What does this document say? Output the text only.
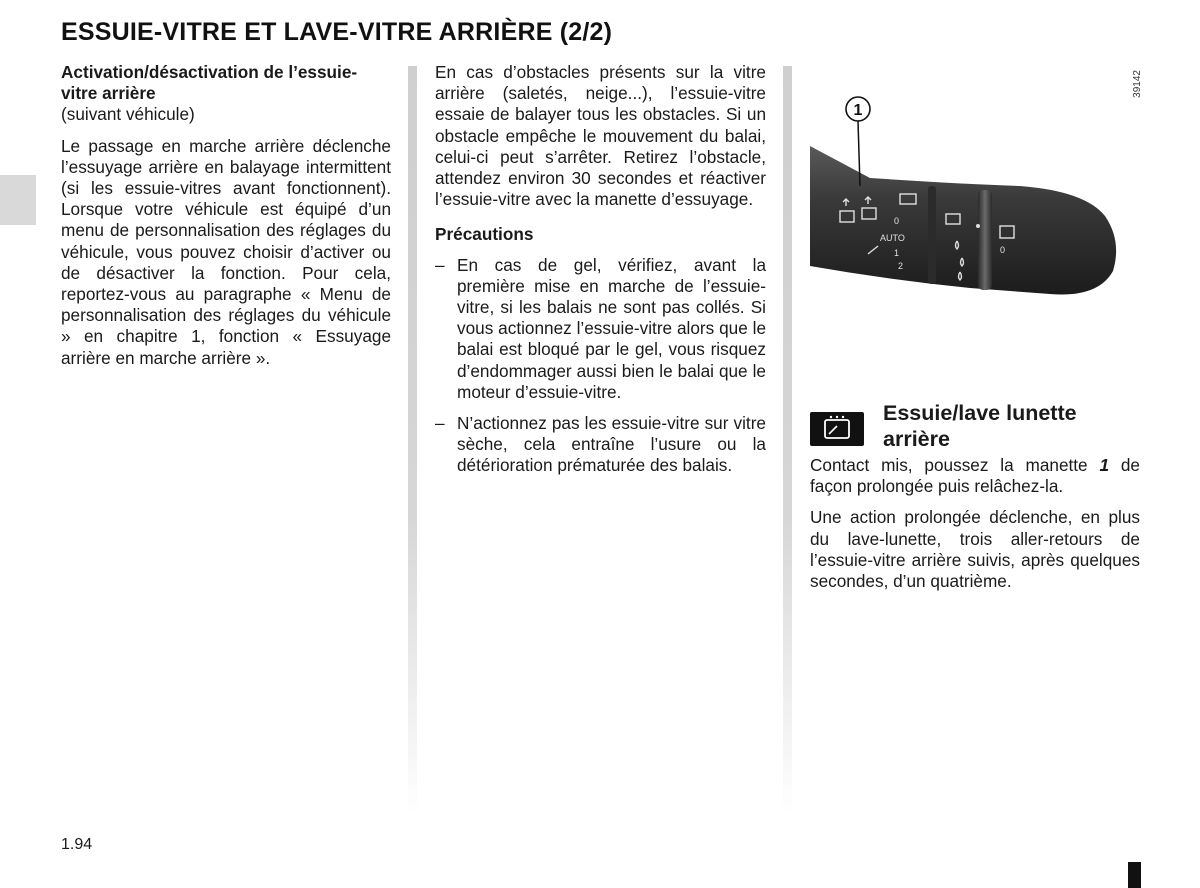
ESSUIE-VITRE ET LAVE-VITRE ARRIÈRE (2/2)
Activation/désactivation de l’essuie-vitre arrière

(suivant véhicule)

Le passage en marche arrière déclenche l’essuyage arrière en balayage intermittent (si les essuie-vitres avant fonctionnent). Lorsque votre véhicule est équipé d’un menu de personnalisation des réglages du véhicule, vous pouvez choisir d’activer ou de désactiver la fonction. Pour cela, reportez-vous au paragraphe « Menu de personnalisation des réglages du véhicule » en chapitre 1, fonction « Essuyage arrière en marche arrière ».

En cas d’obstacles présents sur la vitre arrière (saletés, neige...), l’essuie-vitre essaie de balayer tous les obstacles. Si un obstacle empêche le mouvement du balai, celui-ci peut s’arrêter. Retirez l’obstacle, attendez environ 30 secondes et réactiver l’essuie-vitre avec la manette d’essuyage.

Précautions
– En cas de gel, vérifiez, avant la première mise en marche de l’essuie-vitre, si les balais ne sont pas collés. Si vous actionnez l’essuie-vitre alors que le balai est bloqué par le gel, vous risquez d’endommager aussi bien le balai que le moteur d’essuie-vitre.
– N’actionnez pas les essuie-vitre sur vitre sèche, cela entraîne l’usure ou la détérioration prématurée des balais.
39142
0
AUTO
1
2
0
1
Essuie/lave lunette arrière

Contact mis, poussez la manette 1 de façon prolongée puis relâchez-la.

Une action prolongée déclenche, en plus du lave-lunette, trois aller-retours de l’essuie-vitre arrière suivis, après quelques secondes, d’un quatrième.

1.94
